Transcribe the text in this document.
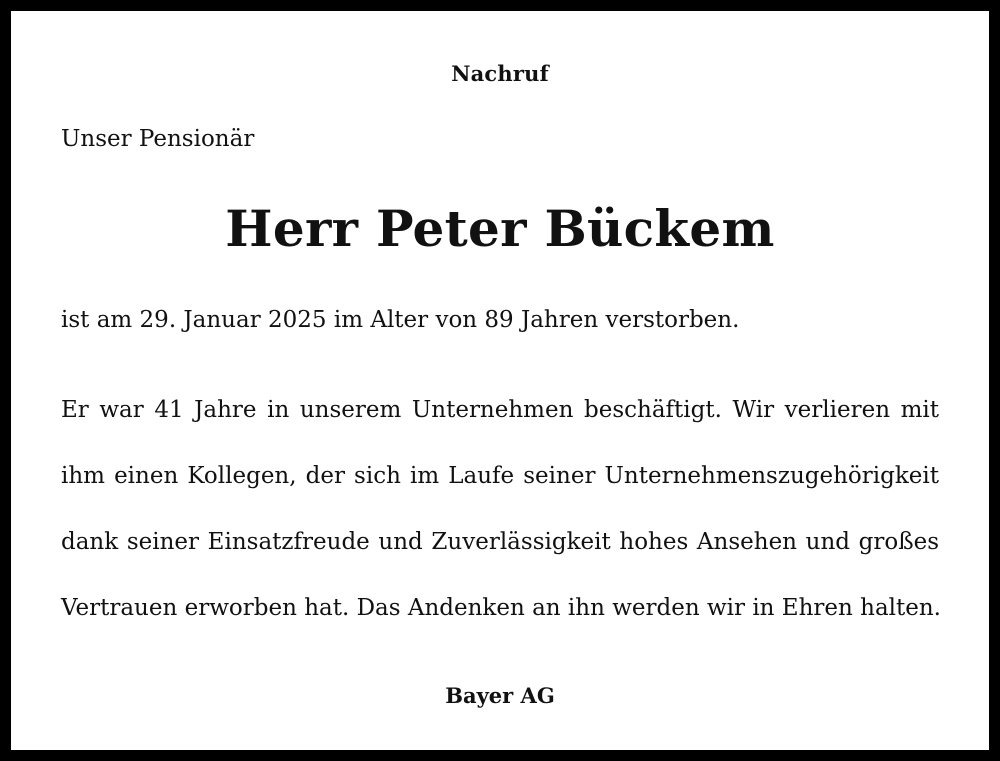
Nachruf
Unser Pensionär
Herr Peter Bückem
ist am 29. Januar 2025 im Alter von 89 Jahren verstorben.
Er war 41 Jahre in unserem Unternehmen beschäftigt. Wir verlieren mit
ihm einen Kollegen, der sich im Laufe seiner Unternehmenszugehörigkeit
dank seiner Einsatzfreude und Zuverlässigkeit hohes Ansehen und großes
Vertrauen erworben hat. Das Andenken an ihn werden wir in Ehren halten.
Bayer AG
